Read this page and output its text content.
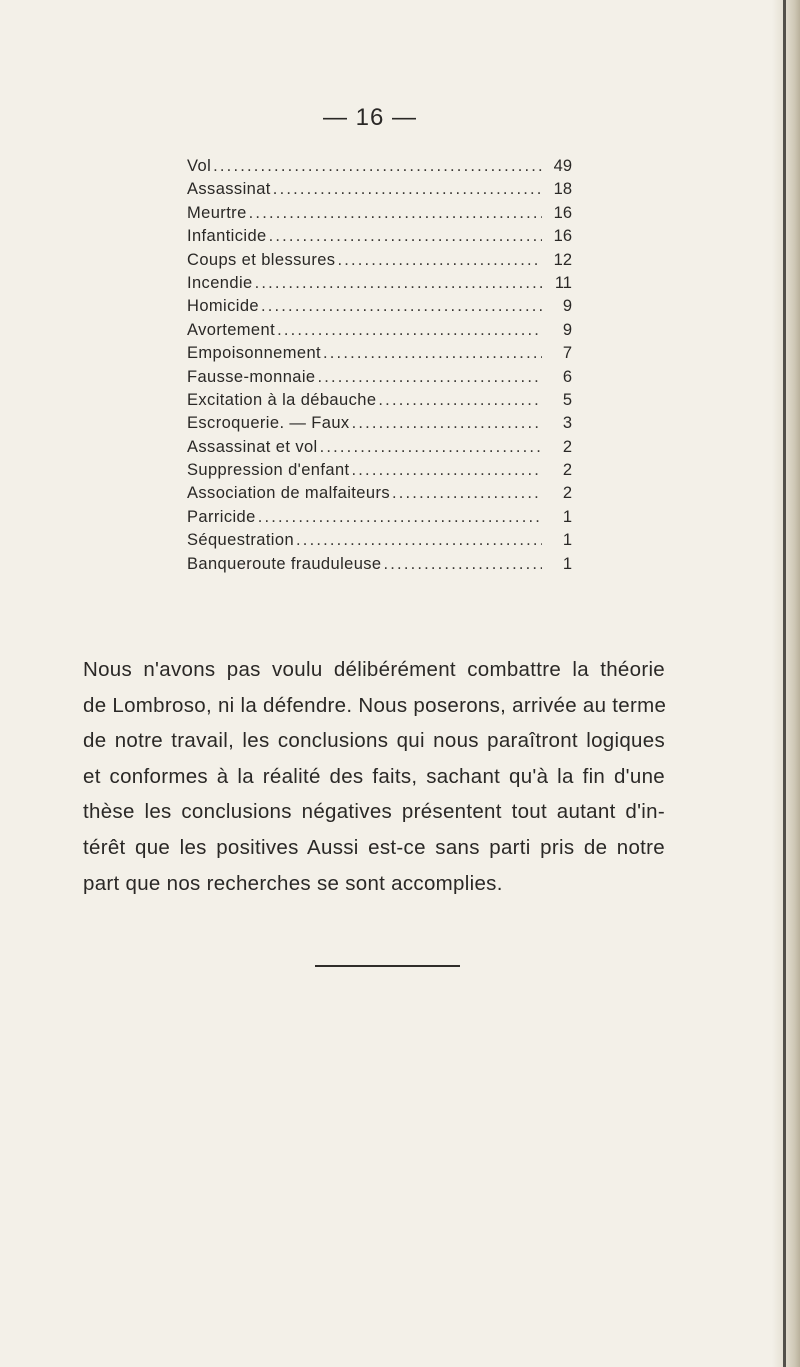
— 16 —
Vol . . .	49
Assassinat . . .	18
Meurtre . . .	16
Infanticide . . .	16
Coups et blessures . . .	12
Incendie . . .	11
Homicide . . .	9
Avortement . . .	9
Empoisonnement . . .	7
Fausse-monnaie . . .	6
Excitation à la débauche . . .	5
Escroquerie. — Faux . . .	3
Assassinat et vol . . .	2
Suppression d'enfant . . .	2
Association de malfaiteurs . . .	2
Parricide . . .	1
Séquestration . . .	1
Banqueroute frauduleuse . . .	1
Nous n'avons pas voulu délibérément combattre la théorie
de Lombroso, ni la défendre. Nous poserons, arrivée au terme
de notre travail, les conclusions qui nous paraîtront logiques
et conformes à la réalité des faits, sachant qu'à la fin d'une
thèse les conclusions négatives présentent tout autant d'in-
térêt que les positives Aussi est-ce sans parti pris de notre
part que nos recherches se sont accomplies.
